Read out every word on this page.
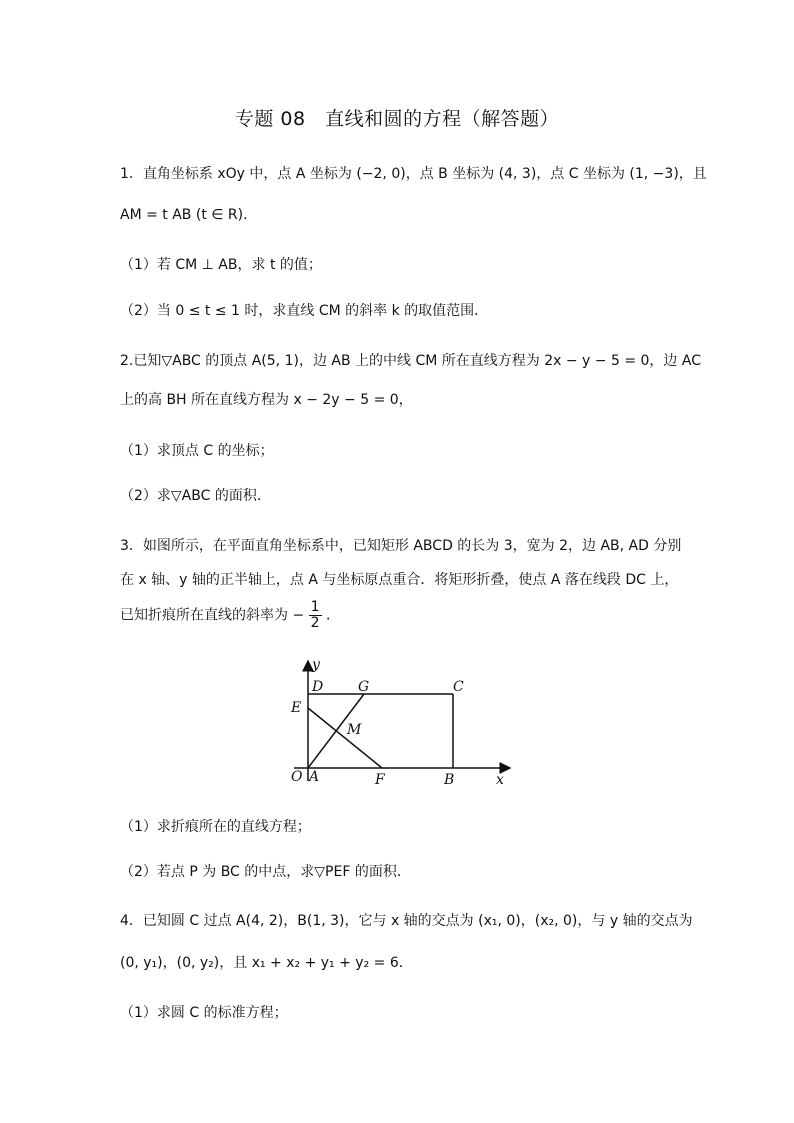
专题 08　直线和圆的方程（解答题）
1．直角坐标系 xOy 中，点 A 坐标为 (−2, 0)，点 B 坐标为 (4, 3)，点 C 坐标为 (1, −3)，且
AM = t AB (t ∈ R)．
（1）若 CM ⊥ AB，求 t 的值；
（2）当 0 ≤ t ≤ 1 时，求直线 CM 的斜率 k 的取值范围．
2.已知▽ABC 的顶点 A(5, 1)，边 AB 上的中线 CM 所在直线方程为 2x − y − 5 = 0，边 AC
上的高 BH 所在直线方程为 x − 2y − 5 = 0，
（1）求顶点 C 的坐标；
（2）求▽ABC 的面积．
3．如图所示，在平面直角坐标系中，已知矩形 ABCD 的长为 3，宽为 2，边 AB, AD 分别
在 x 轴、y 轴的正半轴上，点 A 与坐标原点重合．将矩形折叠，使点 A 落在线段 DC 上，
已知折痕所在直线的斜率为 − $\frac{1}{2}$ ．
y
D G	C
E
M
O A	F	B	x
（1）求折痕所在的直线方程；
（2）若点 P 为 BC 的中点，求▽PEF 的面积．
4．已知圆 C 过点 A(4, 2)，B(1, 3)，它与 x 轴的交点为 (x₁, 0)，(x₂, 0)，与 y 轴的交点为
(0, y₁)，(0, y₂)，且 x₁ + x₂ + y₁ + y₂ = 6．
（1）求圆 C 的标准方程；
